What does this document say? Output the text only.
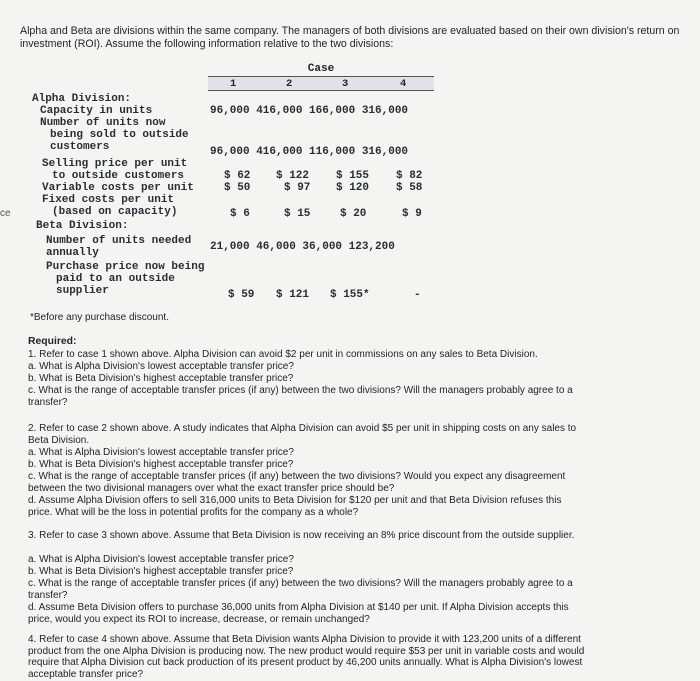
Alpha and Beta are divisions within the same company. The managers of both divisions are evaluated based on their own division's return on investment (ROI). Assume the following information relative to the two divisions:
Case
1	2	3	4
ce
Alpha Division:
Capacity in units	96,000 416,000 166,000 316,000
Number of units now
being sold to outside
customers	96,000 416,000 116,000 316,000
Selling price per unit
to outside customers	$ 62 $ 122 $ 155 $ 82
Variable costs per unit	$ 50	$ 97 $ 120 $ 58
Fixed costs per unit
(based on capacity)	$ 6	$ 15	$ 20	$ 9
Beta Division:
Number of units needed
annually	21,000 46,000 36,000 123,200
Purchase price now being
paid to an outside
supplier	$ 59 $ 121 $ 155*	-
*Before any purchase discount.
Required:
1. Refer to case 1 shown above. Alpha Division can avoid $2 per unit in commissions on any sales to Beta Division.
a. What is Alpha Division's lowest acceptable transfer price?
b. What is Beta Division's highest acceptable transfer price?
c. What is the range of acceptable transfer prices (if any) between the two divisions? Will the managers probably agree to a transfer?
2. Refer to case 2 shown above. A study indicates that Alpha Division can avoid $5 per unit in shipping costs on any sales to Beta Division.
a. What is Alpha Division's lowest acceptable transfer price?
b. What is Beta Division's highest acceptable transfer price?
c. What is the range of acceptable transfer prices (if any) between the two divisions? Would you expect any disagreement between the two divisional managers over what the exact transfer price should be?
d. Assume Alpha Division offers to sell 316,000 units to Beta Division for $120 per unit and that Beta Division refuses this price. What will be the loss in potential profits for the company as a whole?
3. Refer to case 3 shown above. Assume that Beta Division is now receiving an 8% price discount from the outside supplier.
a. What is Alpha Division's lowest acceptable transfer price?
b. What is Beta Division's highest acceptable transfer price?
c. What is the range of acceptable transfer prices (if any) between the two divisions? Will the managers probably agree to a transfer?
d. Assume Beta Division offers to purchase 36,000 units from Alpha Division at $140 per unit. If Alpha Division accepts this price, would you expect its ROI to increase, decrease, or remain unchanged?
4. Refer to case 4 shown above. Assume that Beta Division wants Alpha Division to provide it with 123,200 units of a different product from the one Alpha Division is producing now. The new product would require $53 per unit in variable costs and would require that Alpha Division cut back production of its present product by 46,200 units annually. What is Alpha Division's lowest acceptable transfer price?
